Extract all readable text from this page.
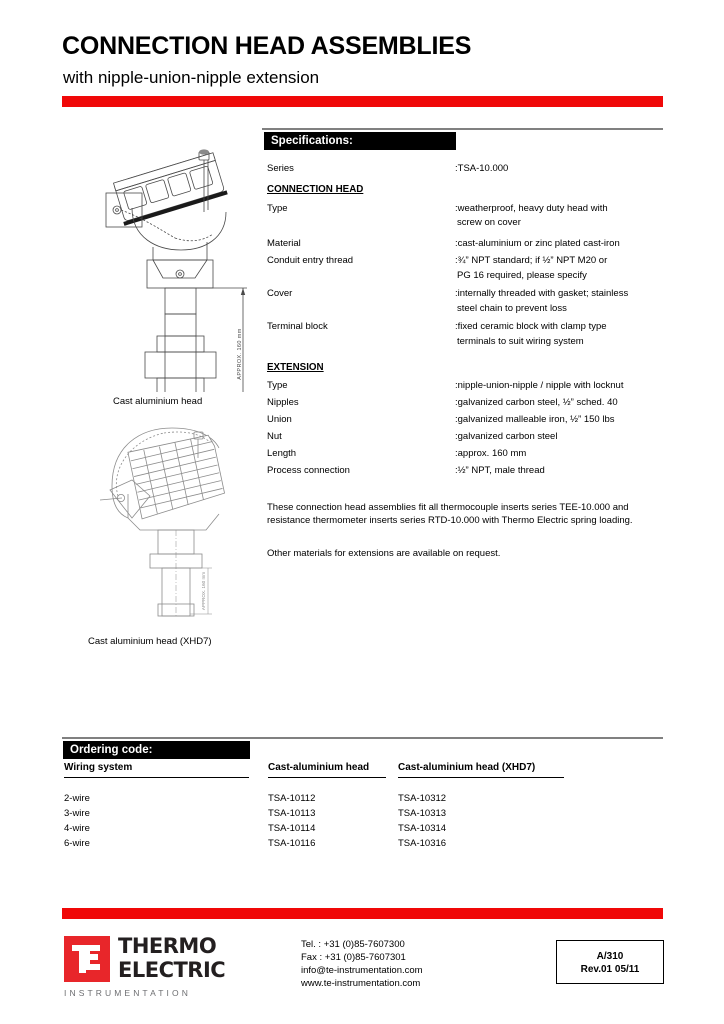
CONNECTION HEAD ASSEMBLIES
with nipple-union-nipple extension
APPROX. 160 mm
Cast aluminium head
APPROX. 160 mm
Cast aluminium head (XHD7)
Specifications:
Series	:TSA-10.000
CONNECTION HEAD
Type	:weatherproof, heavy duty head with
screw on cover
Material	:cast-aluminium or zinc plated cast-iron
Conduit entry thread	:¾” NPT standard; if ½” NPT M20 or
PG 16 required, please specify
Cover	:internally threaded with gasket; stainless
steel chain to prevent loss
Terminal block	:fixed ceramic block with clamp type
terminals to suit wiring system
EXTENSION
Type	:nipple-union-nipple / nipple with locknut
Nipples	:galvanized carbon steel, ½” sched. 40
Union	:galvanized malleable iron, ½” 150 lbs
Nut	:galvanized carbon steel
Length	:approx. 160 mm
Process connection	:½” NPT, male thread
These connection head assemblies fit all thermocouple inserts series TEE-10.000 and resistance thermometer inserts series RTD-10.000 with Thermo Electric spring loading.
Other materials for extensions are available on request.
Ordering code:
Wiring system	Cast-aluminium head	Cast-aluminium head (XHD7)
2-wire	TSA-10112	TSA-10312
3-wire	TSA-10113	TSA-10313
4-wire	TSA-10114	TSA-10314
6-wire	TSA-10116	TSA-10316
THERMO
ELECTRIC
INSTRUMENTATION
Tel. : +31 (0)85-7607300
Fax : +31 (0)85-7607301
info@te-instrumentation.com
www.te-instrumentation.com
A/310
Rev.01 05/11
